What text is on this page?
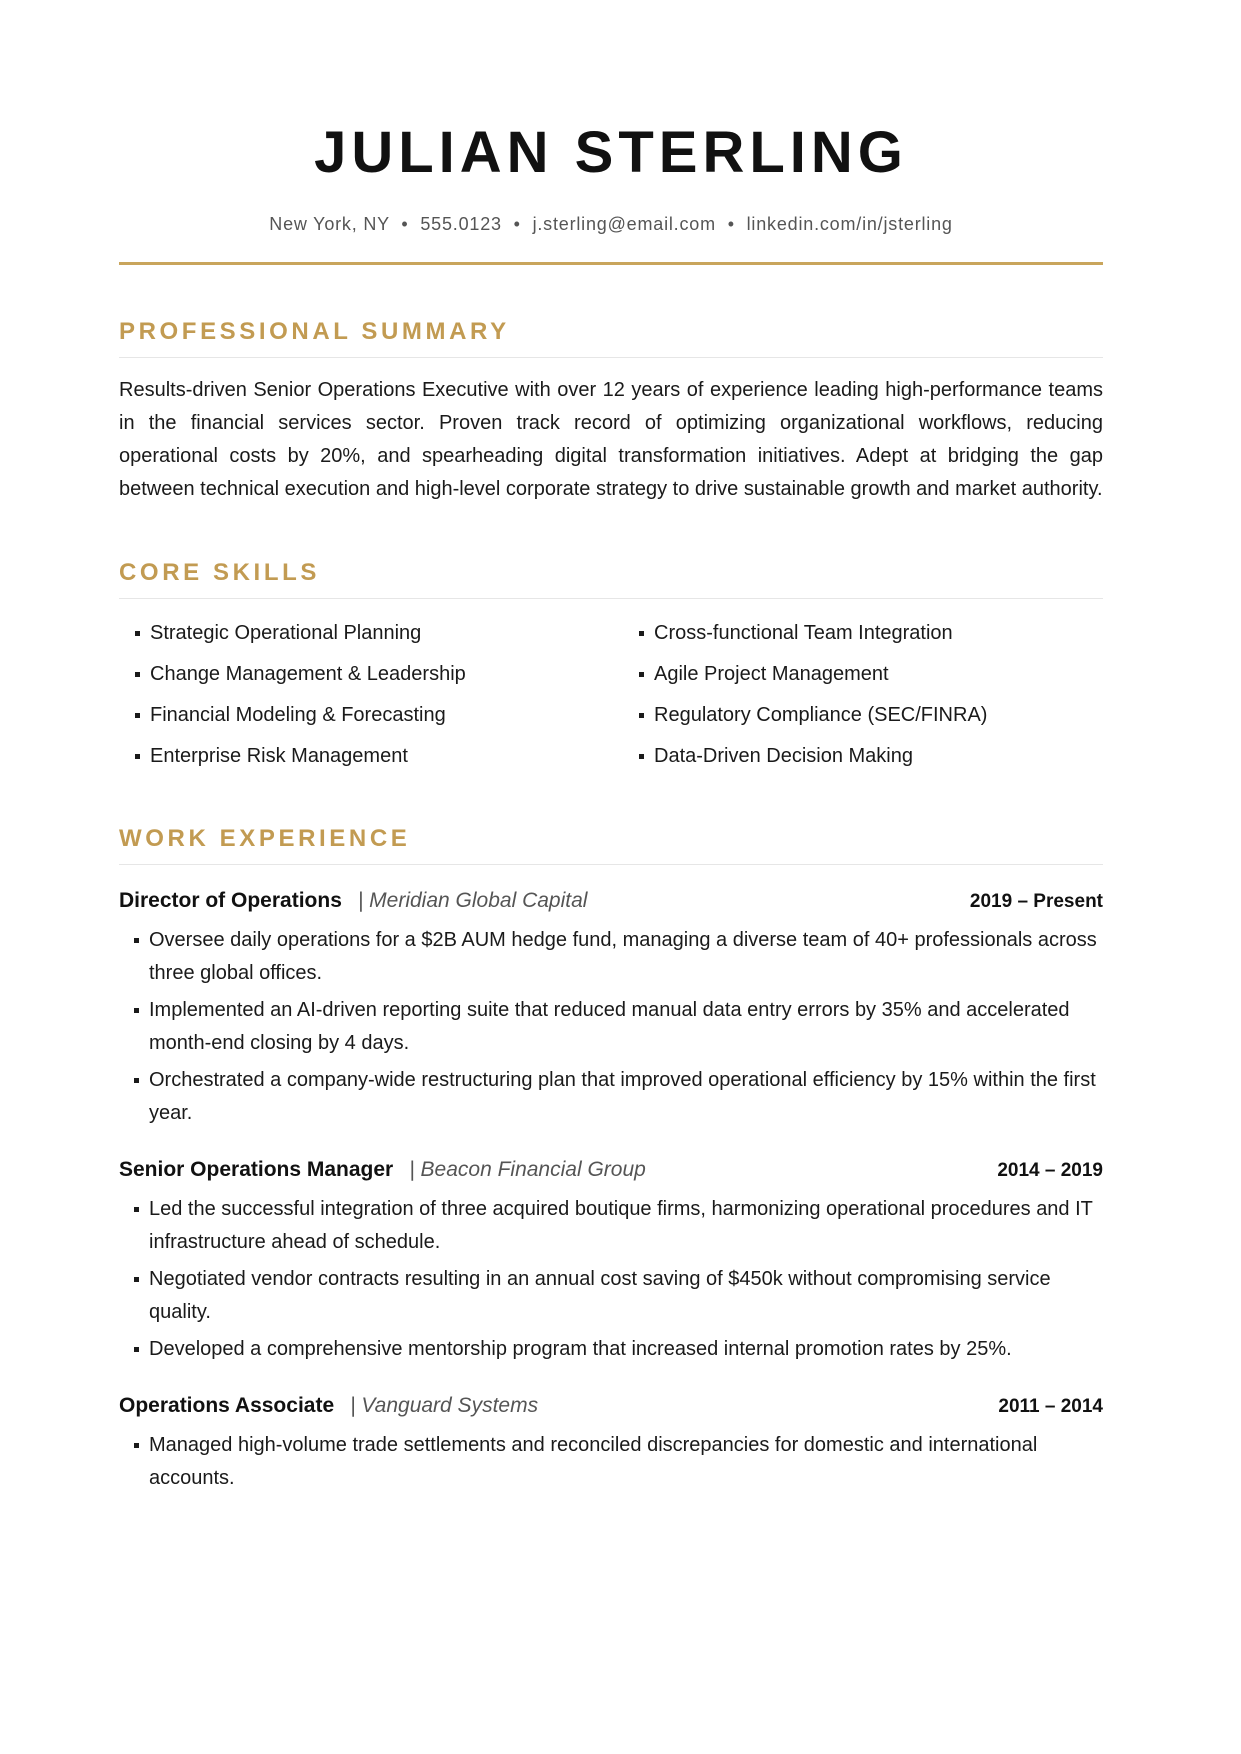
JULIAN STERLING
New York, NY • 555.0123 • j.sterling@email.com • linkedin.com/in/jsterling
PROFESSIONAL SUMMARY

Results-driven Senior Operations Executive with over 12 years of experience leading high-performance teams in the financial services sector. Proven track record of optimizing organizational workflows, reducing operational costs by 20%, and spearheading digital transformation initiatives. Adept at bridging the gap between technical execution and high-level corporate strategy to drive sustainable growth and market authority.

CORE SKILLS
Strategic Operational Planning	Cross-functional Team Integration
Change Management & Leadership	Agile Project Management
Financial Modeling & Forecasting	Regulatory Compliance (SEC/FINRA)
Enterprise Risk Management	Data-Driven Decision Making
WORK EXPERIENCE
Director of Operations | Meridian Global Capital	2019 – Present
Oversee daily operations for a $2B AUM hedge fund, managing a diverse team of 40+ professionals across three global offices.
Implemented an AI-driven reporting suite that reduced manual data entry errors by 35% and accelerated month-end closing by 4 days.
Orchestrated a company-wide restructuring plan that improved operational efficiency by 15% within the first year.
Senior Operations Manager | Beacon Financial Group	2014 – 2019
Led the successful integration of three acquired boutique firms, harmonizing operational procedures and IT infrastructure ahead of schedule.
Negotiated vendor contracts resulting in an annual cost saving of $450k without compromising service quality.
Developed a comprehensive mentorship program that increased internal promotion rates by 25%.
Operations Associate | Vanguard Systems	2011 – 2014
Managed high-volume trade settlements and reconciled discrepancies for domestic and international accounts.
